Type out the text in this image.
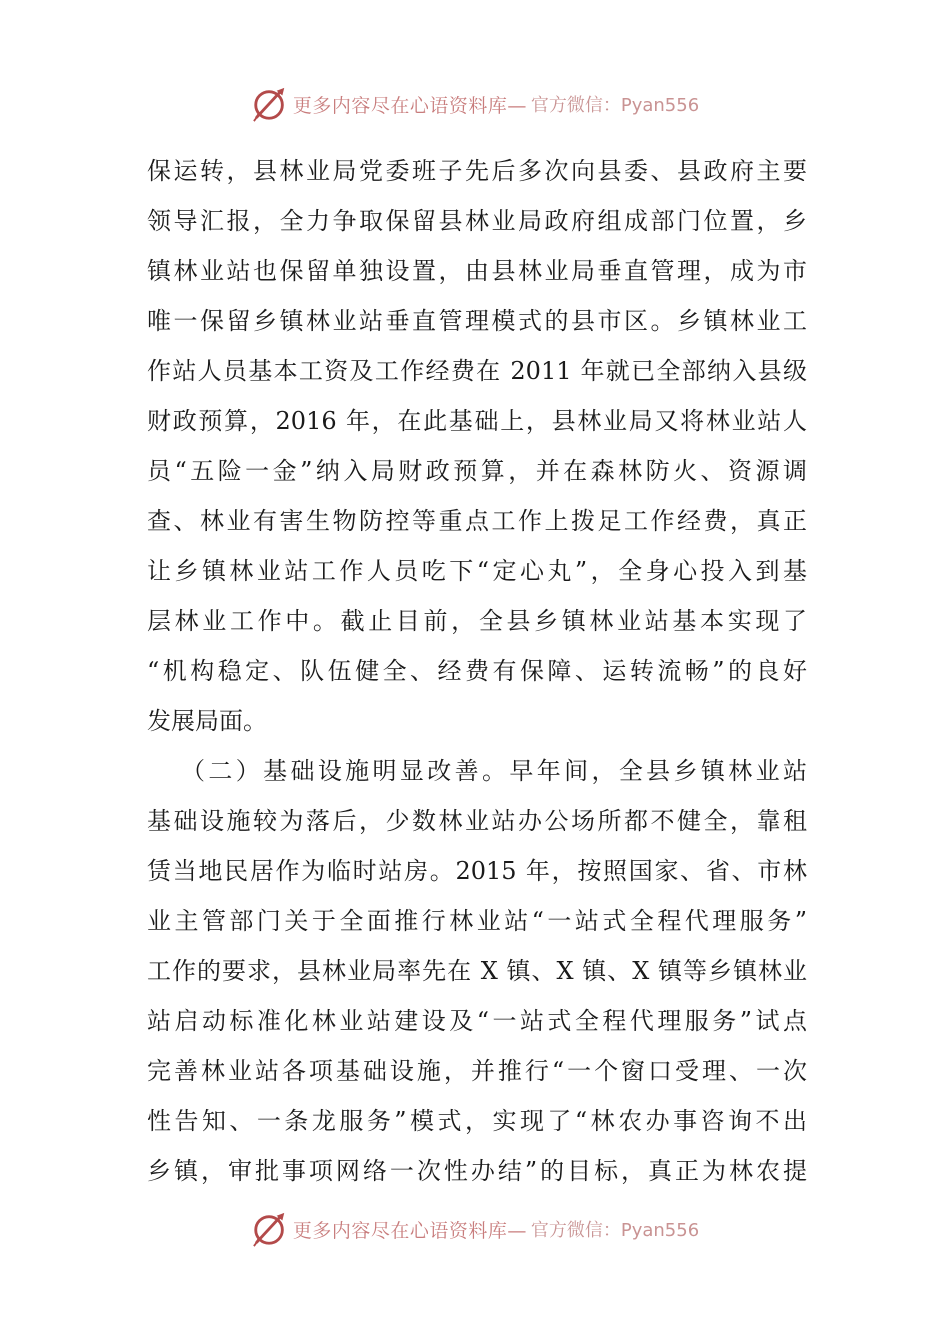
更多内容尽在心语资料库— 官方微信：Pyan556
保运转，县林业局党委班子先后多次向县委、县政府主要
领导汇报，全力争取保留县林业局政府组成部门位置，乡
镇林业站也保留单独设置，由县林业局垂直管理，成为市
唯一保留乡镇林业站垂直管理模式的县市区。乡镇林业工
作站人员基本工资及工作经费在 2011 年就已全部纳入县级
财政预算，2016 年，在此基础上，县林业局又将林业站人
员“五险一金”纳入局财政预算，并在森林防火、资源调
查、林业有害生物防控等重点工作上拨足工作经费，真正
让乡镇林业站工作人员吃下“定心丸”，全身心投入到基
层林业工作中。截止目前，全县乡镇林业站基本实现了
“机构稳定、队伍健全、经费有保障、运转流畅”的良好
发展局面。
（二）基础设施明显改善。早年间，全县乡镇林业站
基础设施较为落后，少数林业站办公场所都不健全，靠租
赁当地民居作为临时站房。2015 年，按照国家、省、市林
业主管部门关于全面推行林业站“一站式全程代理服务”
工作的要求，县林业局率先在 X 镇、X 镇、X 镇等乡镇林业
站启动标准化林业站建设及“一站式全程代理服务”试点
完善林业站各项基础设施，并推行“一个窗口受理、一次
性告知、一条龙服务”模式，实现了“林农办事咨询不出
乡镇，审批事项网络一次性办结”的目标，真正为林农提
更多内容尽在心语资料库— 官方微信：Pyan556
